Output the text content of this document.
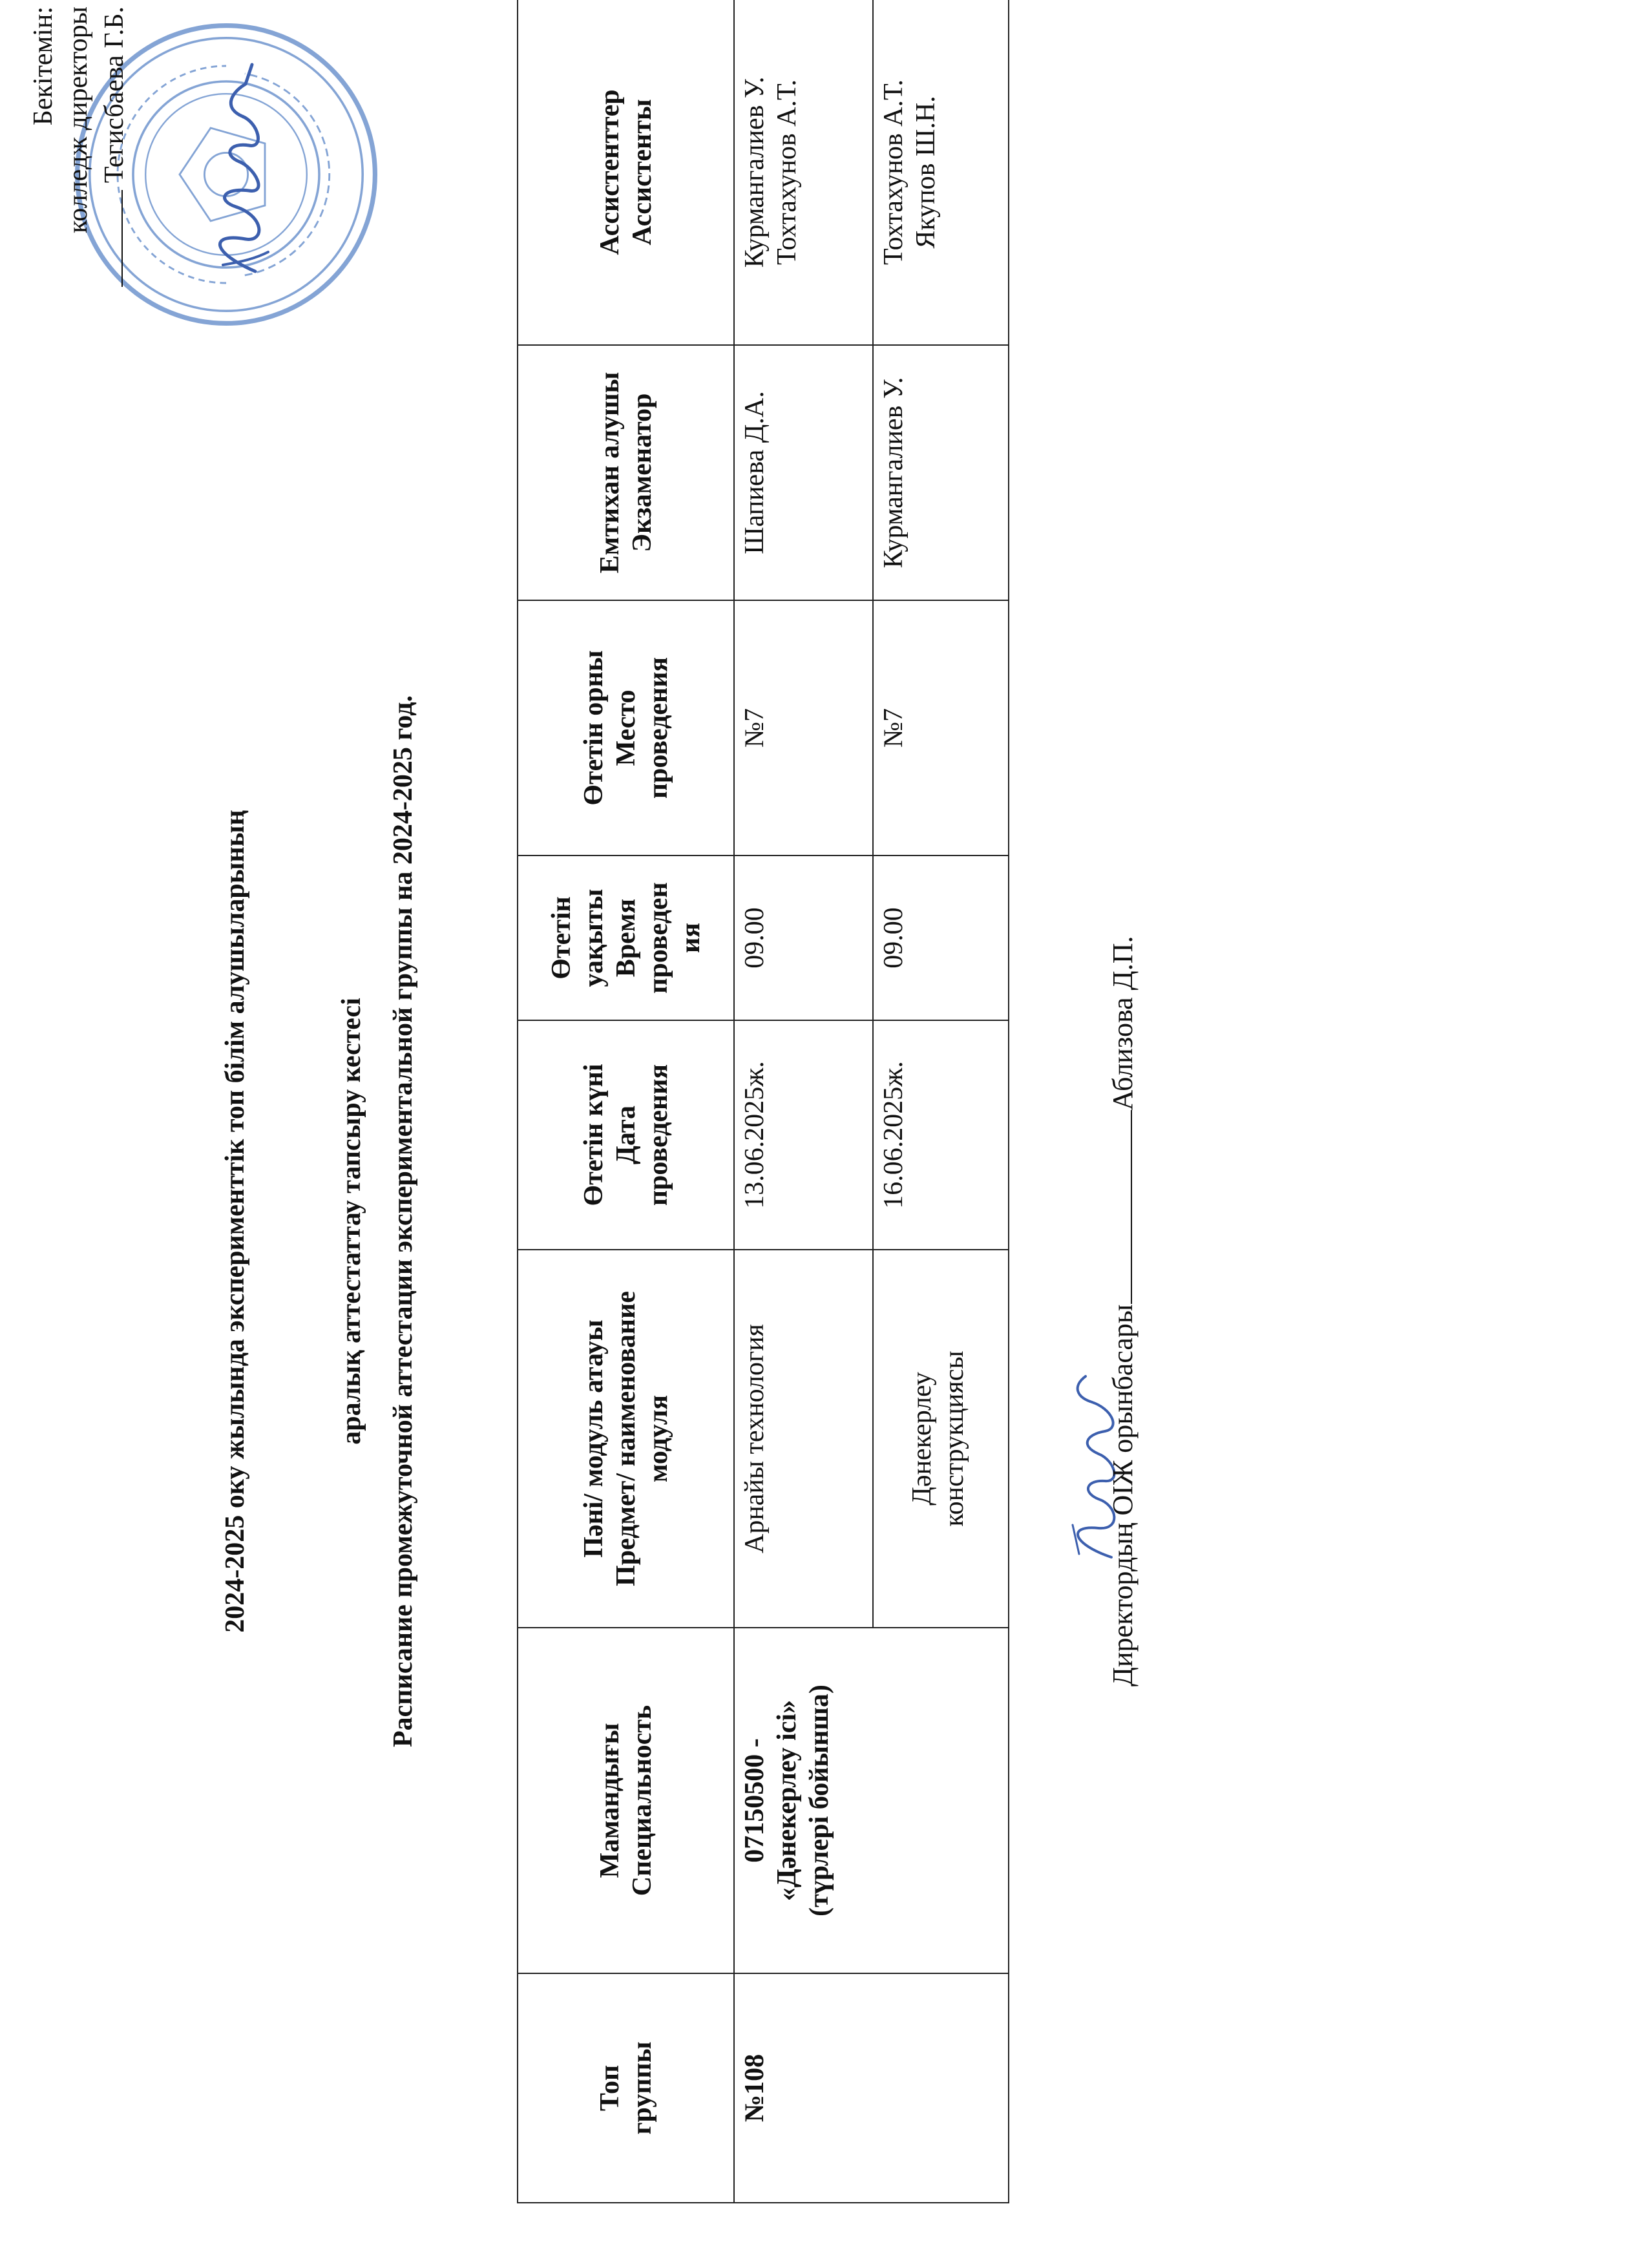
2024-2025 оку жылында эксперименттік топ білім алушыларының	аралық аттестаттау тапсыру кестесі Расписание промежуточной аттестации экспериментальной группы на 2024-2025 год.
Бекітемін: колледж директоры Тегисбаева Г.Б.
Топ группы	Мамандығы Специальность	Пәні/ модуль атауы Предмет/ наименование модуля	Өтетін күні Дата проведения	Өтетін уақыты Время проведен ия	Өтетін орны Место проведения	Емтихан алушы Экзаменатор	Ассистенттер Ассистенты

№108	07150500 - «Дәнекерлеу ісі» (түрлері бойынша)	Арнайы технология	13.06.2025ж.	09.00	№7	Шапиева Д.А.	Курмангалиев У. Тохтахунов А.Т.

		Дәнекерлеу конструкциясы	16.06.2025ж.	09.00	№7	Курмангалиев У.	Тохтахунов А.Т. Якупов Ш.Н.
Директордың ОІЖ орынбасарыАблизова Д.П.
